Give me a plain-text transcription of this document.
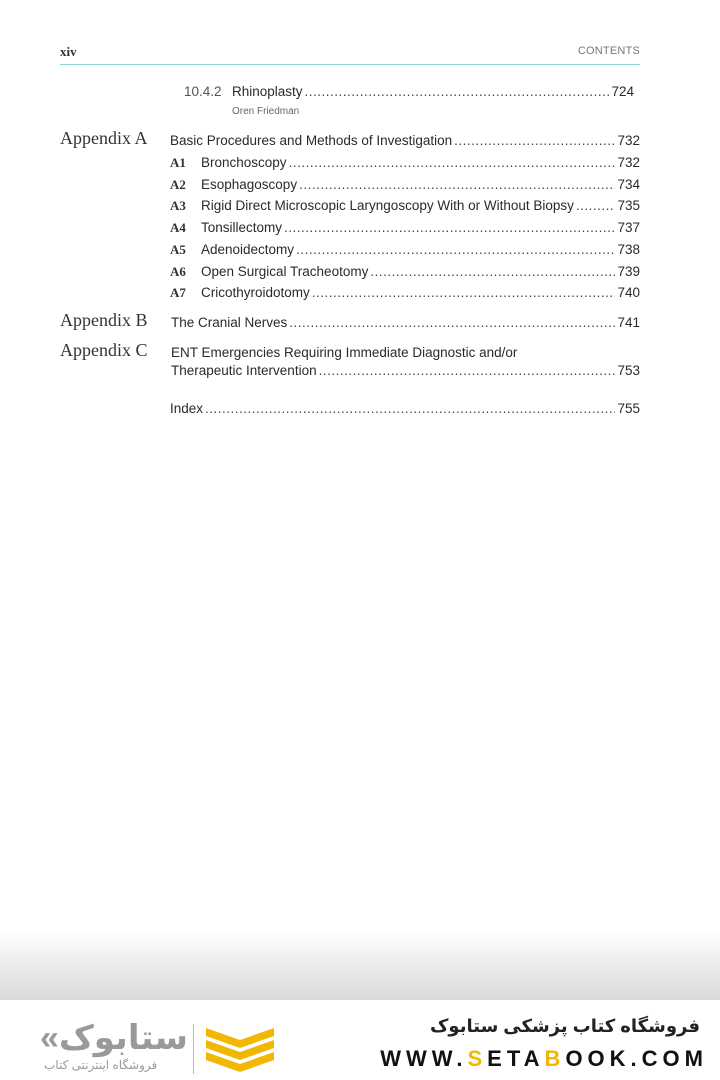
xiv	CONTENTS
10.4.2 Rhinoplasty .....	724
Oren Friedman
Appendix A Basic Procedures and Methods of Investigation .....	732
A1 Bronchoscopy .....	732
A2 Esophagoscopy .....	734
A3 Rigid Direct Microscopic Laryngoscopy With or Without Biopsy .....	735
A4 Tonsillectomy .....	737
A5 Adenoidectomy .....	738
A6 Open Surgical Tracheotomy .....	739
A7 Cricothyroidotomy .....	740
Appendix B The Cranial Nerves .....	741
Appendix C ENT Emergencies Requiring Immediate Diagnostic and/or
Therapeutic Intervention .....	753
Index .....	755
«ستابوک
فروشگاه اینترنتی کتاب
فروشگاه کتاب پزشکی ستابوک
WWW.SETABOOK.COM
